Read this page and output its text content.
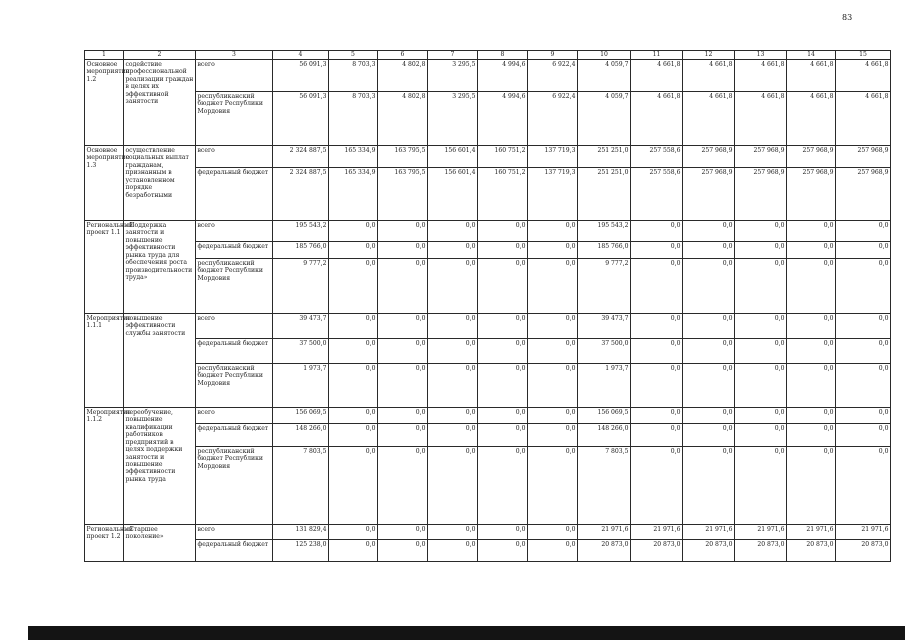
83
1	2	3	4	5	6	7	8	9	10	11	12	13	14	15
Основное мероприятие 1.2	содействие профессиональной реализации граждан в целях их эффективной занятости	всего	56 091,3	8 703,3	4 802,8	3 295,5	4 994,6	6 922,4	4 059,7	4 661,8	4 661,8	4 661,8	4 661,8	4 661,8
		республиканский бюджет Республики Мордовия	56 091,3	8 703,3	4 802,8	3 295,5	4 994,6	6 922,4	4 059,7	4 661,8	4 661,8	4 661,8	4 661,8	4 661,8
Основное мероприятие 1.3	осуществление социальных выплат гражданам, признанным в установленном порядке безработными	всего	2 324 887,5	165 334,9	163 795,5	156 601,4	160 751,2	137 719,3	251 251,0	257 558,6	257 968,9	257 968,9	257 968,9	257 968,9
		федеральный бюджет	2 324 887,5	165 334,9	163 795,5	156 601,4	160 751,2	137 719,3	251 251,0	257 558,6	257 968,9	257 968,9	257 968,9	257 968,9
Региональный проект 1.1	«Поддержка занятости и повышение эффективности рынка труда для обеспечения роста производительности труда»	всего	195 543,2	0,0	0,0	0,0	0,0	0,0	195 543,2	0,0	0,0	0,0	0,0	0,0
		федеральный бюджет	185 766,0	0,0	0,0	0,0	0,0	0,0	185 766,0	0,0	0,0	0,0	0,0	0,0
		республиканский бюджет Республики Мордовия	9 777,2	0,0	0,0	0,0	0,0	0,0	9 777,2	0,0	0,0	0,0	0,0	0,0
Мероприятие 1.1.1	повышение эффективности службы занятости	всего	39 473,7	0,0	0,0	0,0	0,0	0,0	39 473,7	0,0	0,0	0,0	0,0	0,0
		федеральный бюджет	37 500,0	0,0	0,0	0,0	0,0	0,0	37 500,0	0,0	0,0	0,0	0,0	0,0
		республиканский бюджет Республики Мордовия	1 973,7	0,0	0,0	0,0	0,0	0,0	1 973,7	0,0	0,0	0,0	0,0	0,0
Мероприятие 1.1.2	переобучение, повышение квалификации работников предприятий в целях поддержки занятости и повышение эффективности рынка труда	всего	156 069,5	0,0	0,0	0,0	0,0	0,0	156 069,5	0,0	0,0	0,0	0,0	0,0
		федеральный бюджет	148 266,0	0,0	0,0	0,0	0,0	0,0	148 266,0	0,0	0,0	0,0	0,0	0,0
		республиканский бюджет Республики Мордовия	7 803,5	0,0	0,0	0,0	0,0	0,0	7 803,5	0,0	0,0	0,0	0,0	0,0
Региональный проект 1.2	«Старшее поколение»	всего	131 829,4	0,0	0,0	0,0	0,0	0,0	21 971,6	21 971,6	21 971,6	21 971,6	21 971,6	21 971,6
		федеральный бюджет	125 238,0	0,0	0,0	0,0	0,0	0,0	20 873,0	20 873,0	20 873,0	20 873,0	20 873,0	20 873,0
